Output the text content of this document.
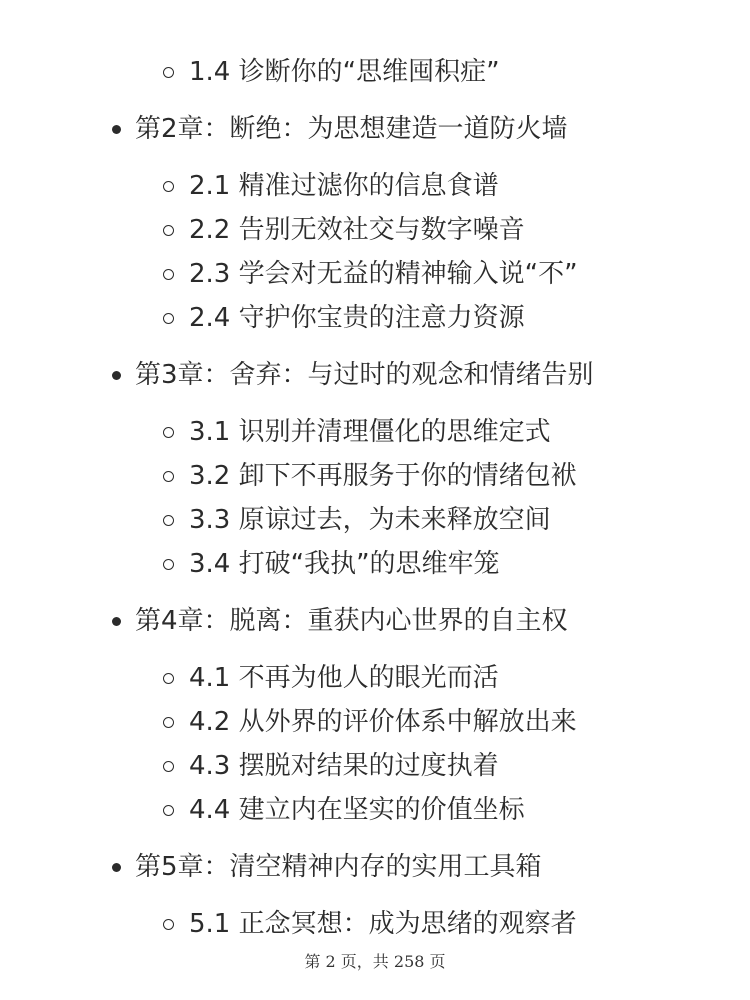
1.4 诊断你的“思维囤积症”
第2章：断绝：为思想建造一道防火墙
2.1 精准过滤你的信息食谱
2.2 告别无效社交与数字噪音
2.3 学会对无益的精神输入说“不”
2.4 守护你宝贵的注意力资源
第3章：舍弃：与过时的观念和情绪告别
3.1 识别并清理僵化的思维定式
3.2 卸下不再服务于你的情绪包袱
3.3 原谅过去，为未来释放空间
3.4 打破“我执”的思维牢笼
第4章：脱离：重获内心世界的自主权
4.1 不再为他人的眼光而活
4.2 从外界的评价体系中解放出来
4.3 摆脱对结果的过度执着
4.4 建立内在坚实的价值坐标
第5章：清空精神内存的实用工具箱
5.1 正念冥想：成为思绪的观察者
第 2 页，共 258 页
